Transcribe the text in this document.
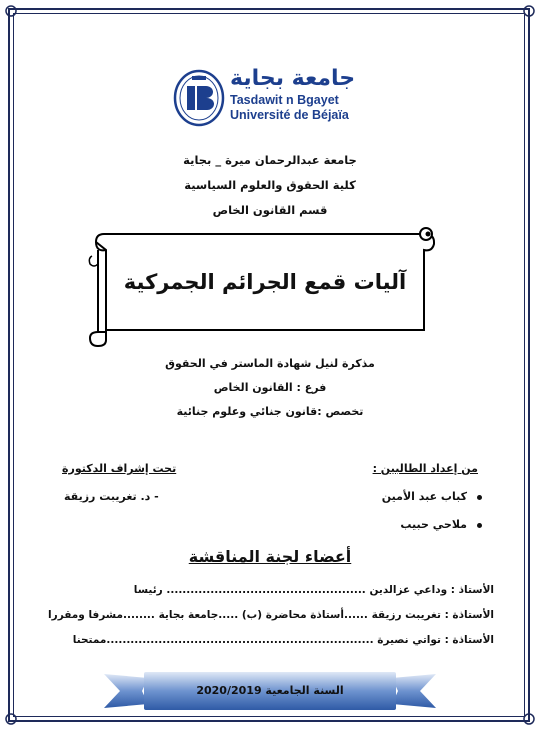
جامعة بجاية
Tasdawit n Bgayet
Université de Béjaïa
جامعة عبدالرحمان ميرة _ بجاية
كلية الحقوق والعلوم السياسية
قسم القانون الخاص
آليات قمع الجرائم الجمركية
مذكرة لنيل شهادة الماستر في الحقوق
فرع : القانون الخاص
تخصص :قانون جنائي وعلوم جنائية
من إعداد الطالبين :
تحت إشراف الدكتورة
كباب عبد الأمين
- د. تغريبت رزيقة
ملاحي حبيب
أعضاء لجنة المناقشة
الأستاذ : وداعي عزالدين .................................................. رئيسا
الأستاذة : تغريبت رزيقة ......أستاذة محاضرة (ب) .....جامعة بجاية ........مشرفا ومقررا
الأستاذة : تواتي نصيرة ...................................................................ممتحنا
السنة الجامعية 2020/2019
